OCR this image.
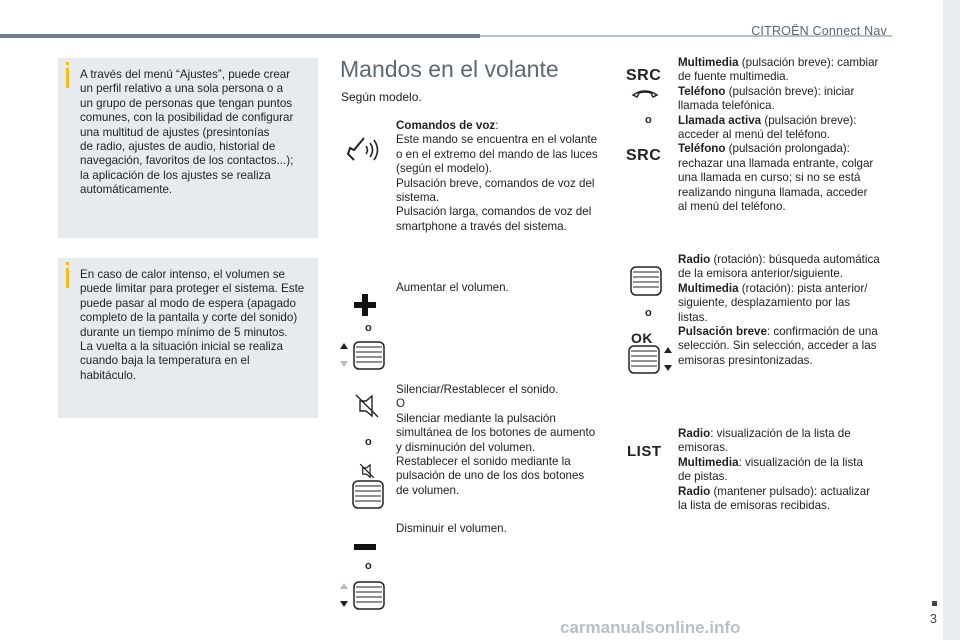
CITROËN Connect Nav

A través del menú “Ajustes”, puede crear
un perfil relativo a una sola persona o a
un grupo de personas que tengan puntos
comunes, con la posibilidad de configurar
una multitud de ajustes (presintonías
de radio, ajustes de audio, historial de
navegación, favoritos de los contactos...);
la aplicación de los ajustes se realiza
automáticamente.

En caso de calor intenso, el volumen se
puede limitar para proteger el sistema. Este
puede pasar al modo de espera (apagado
completo de la pantalla y corte del sonido)
durante un tiempo mínimo de 5 minutos.
La vuelta a la situación inicial se realiza
cuando baja la temperatura en el habitáculo.

Mandos en el volante
Según modelo.
Comandos de voz:
Este mando se encuentra en el volante
o en el extremo del mando de las luces
(según el modelo).
Pulsación breve, comandos de voz del
sistema.
Pulsación larga, comandos de voz del
smartphone a través del sistema.
o
Aumentar el volumen.
o
Silenciar/Restablecer el sonido.
O
Silenciar mediante la pulsación
simultánea de los botones de aumento
y disminución del volumen.
Restablecer el sonido mediante la
pulsación de uno de los dos botones
de volumen.
o
Disminuir el volumen.
SRC
o
SRC
Multimedia (pulsación breve): cambiar
de fuente multimedia.
Teléfono (pulsación breve): iniciar
llamada telefónica.
Llamada activa (pulsación breve):
acceder al menú del teléfono.
Teléfono (pulsación prolongada):
rechazar una llamada entrante, colgar
una llamada en curso; si no se está
realizando ninguna llamada, acceder
al menú del teléfono.
o
OK
Radio (rotación): búsqueda automática
de la emisora anterior/siguiente.
Multimedia (rotación): pista anterior/
siguiente, desplazamiento por las
listas.
Pulsación breve: confirmación de una
selección. Sin selección, acceder a las
emisoras presintonizadas.
LIST
Radio: visualización de la lista de
emisoras.
Multimedia: visualización de la lista
de pistas.
Radio (mantener pulsado): actualizar
la lista de emisoras recibidas.
3
carmanualsonline.info
